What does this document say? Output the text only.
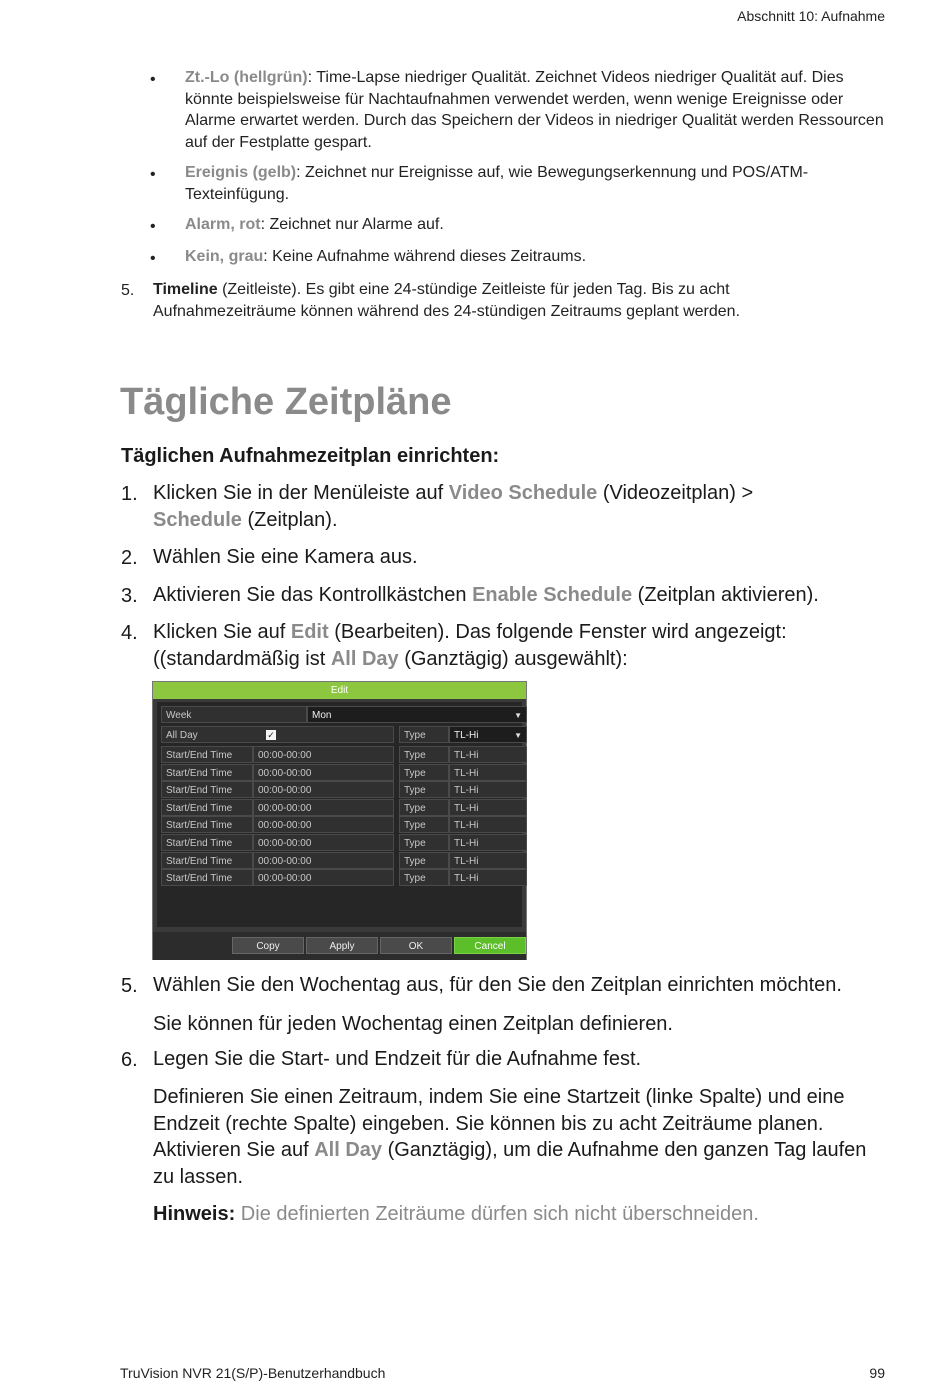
Abschnitt 10: Aufnahme
• Zt.-Lo (hellgrün): Time-Lapse niedriger Qualität. Zeichnet Videos niedriger Qualität auf. Dies könnte beispielsweise für Nachtaufnahmen verwendet werden, wenn wenige Ereignisse oder Alarme erwartet werden. Durch das Speichern der Videos in niedriger Qualität werden Ressourcen auf der Festplatte gespart.
• Ereignis (gelb): Zeichnet nur Ereignisse auf, wie Bewegungserkennung und POS/ATM-Texteinfügung.
• Alarm, rot: Zeichnet nur Alarme auf.
• Kein, grau: Keine Aufnahme während dieses Zeitraums.
5. Timeline (Zeitleiste). Es gibt eine 24-stündige Zeitleiste für jeden Tag. Bis zu acht Aufnahmezeiträume können während des 24-stündigen Zeitraums geplant werden.
Tägliche Zeitpläne
Täglichen Aufnahmezeitplan einrichten:
1. Klicken Sie in der Menüleiste auf Video Schedule (Videozeitplan) >
Schedule (Zeitplan).
2. Wählen Sie eine Kamera aus.
3. Aktivieren Sie das Kontrollkästchen Enable Schedule (Zeitplan aktivieren).
4. Klicken Sie auf Edit (Bearbeiten). Das folgende Fenster wird angezeigt: ((standardmäßig ist All Day (Ganztägig) ausgewählt):
Edit
Week	Mon	▼
All Day	✓	Type	TL-Hi	▼
Start/End Time	00:00-00:00	Type	TL-Hi
Start/End Time	00:00-00:00	Type	TL-Hi
Start/End Time	00:00-00:00	Type	TL-Hi
Start/End Time	00:00-00:00	Type	TL-Hi
Start/End Time	00:00-00:00	Type	TL-Hi
Start/End Time	00:00-00:00	Type	TL-Hi
Start/End Time	00:00-00:00	Type	TL-Hi
Start/End Time	00:00-00:00	Type	TL-Hi
Copy	Apply	OK	Cancel
5. Wählen Sie den Wochentag aus, für den Sie den Zeitplan einrichten möchten.
Sie können für jeden Wochentag einen Zeitplan definieren.
6. Legen Sie die Start- und Endzeit für die Aufnahme fest.
Definieren Sie einen Zeitraum, indem Sie eine Startzeit (linke Spalte) und eine Endzeit (rechte Spalte) eingeben. Sie können bis zu acht Zeiträume planen. Aktivieren Sie auf All Day (Ganztägig), um die Aufnahme den ganzen Tag laufen zu lassen.
Hinweis: Die definierten Zeiträume dürfen sich nicht überschneiden.
TruVision NVR 21(S/P)-Benutzerhandbuch	99
